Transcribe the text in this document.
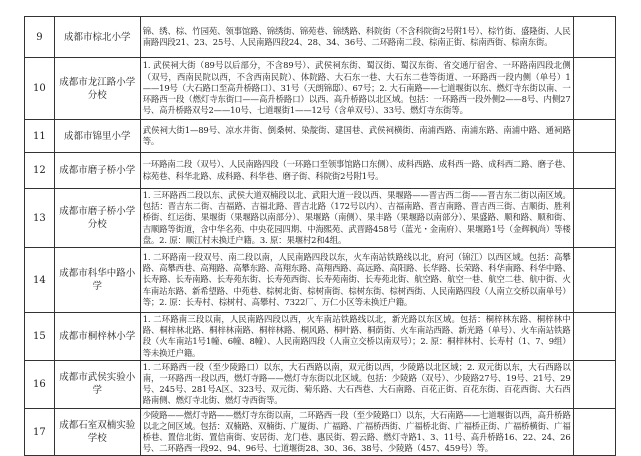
9	成都市棕北小学	锦、绣、棕、竹园苑、领事馆路、锦绣街、锦苑巷、锦绣路、科院街（不含科院街2号附1号）、棕竹街、盛隆街、人民南路四段21、23、25号、人民南路四段24、28、34、36号、二环路南二段、棕南正街、棕南西街、棕南东街。	
10	成都市龙江路小学分校	1. 武侯祠大街（89号以后部分，不含89号）、武侯祠东街、蜀汉街、蜀汉东街、省交通厅宿舍、一环路南四段北侧（双号，西南民院以西，不含西南民院）、体院路、大石东一巷、大石东二巷等街道、一环路西一段内侧（单号）1——19号（大石路口至高升桥路口）、31号（天朗锦邸）、67号；2. 大石南路——七道堰街以东、燃灯寺东街以南、一环路西一段（燃灯寺东街口——高升桥路口）以西、高升桥路以北区域。包括：一环路西一段外侧2——8号、内侧27号、高升桥路双号2——10号、七道堰街1——12号（含单双号）、33号、燃灯寺东街等。	
11	成都市锦里小学	武侯祠大街1—89号、凉水井街、倒桑树、染靛街、建国巷、武侯祠横街、南浦西路、南浦东路、南浦中路、通祠路等。	
12	成都市磨子桥小学	一环路南二段（双号）、人民南路四段（一环路口至领事馆路口东侧）、成科西路、成科西一路、成科西二路、磨子巷、棕苑巷、科华北路、成科路、科华巷、磨子街、科院街2号附1号。	
13	成都市磨子桥小学分校	1. 三环路西二段以东、武侯大道双楠段以北、武阳大道一段以西、果堰路——晋吉西二街——晋吉东二街以南区域。包括：晋吉东二街、吉福路、吉福北路、晋吉北路（172号以内）、吉福南路、晋吉南路、晋吉西三街、吉顺街、胜利桥街、红运街、果堰街（果堰路以南部分）、果堰路（南侧）、果丰路（果堰路以南部分）、果盛路、顺和路、顺和街、吉顺路等街道，含中华名苑、中央花园四期、中海熙苑、武晋路458号（蓝光・金南府）、果堰路1号（金辉枫尚）等楼盘。2. 原：顺江村未换迁户籍。3. 原：果堰村2和4组。	
14	成都市科华中路小学	1. 二环路南一段双号、南二段以南，人民南路四段以东，火车南站铁路线以北，府河（锦江）以西区域。包括：高攀路、高攀西巷、高翔路、高攀东路、高翔东路、高翔西路、高远路、高阳路、长华路、长荣路、科华南路、科华中路、长寿路、长寿南路、长寿苑东街、长寿苑西街、长寿苑南街、长寿苑北街、航空路、航空一巷、航空二巷、航中街、火车南站东路、新希望路、中苑巷、棕树北街、棕树南街、棕树东街、棕树西街、人民南路四段（人南立交桥以南单号）等；2. 原：长寿村、棕树村、高攀村、7322厂、万仁小区等未换迁户籍。	
15	成都市桐梓林小学	1. 二环路南三段以南，人民南路四段以西，火车南站铁路线以北，新光路以东区域。包括：桐梓林东路、桐梓林中路、桐梓林北路、桐梓林南路、桐梓林路、桐风路、桐叶路、桐荫街、火车南站西路、新光路（单号）、火车南站铁路段（火车南站1号1幢、6幢、8幢）、人民南路四段（人南立交桥以南双号）；2. 原：桐梓林村、长寿村（1、7、9组）等未换迁户籍。	
16	成都市武侯实验小学	1. 二环路西一段（至少陵路口）以东，大石西路以南，双元街以西，少陵路以北区域；2. 双元街以东，大石西路以南，一环路西一段以西，燃灯寺路——燃灯寺东街以北区域。包括：少陵路（双号）、少陵路27号、19号、21号、29号、245号、281号A区、323号、双元街、菊乐路、大石西巷、大石南路、百花正街、百花东街、百花西街、大石西路南侧、燃灯寺北街、燃灯寺西街等。	
17	成都石室双楠实验学校	少陵路——燃灯寺路——燃灯寺东街以南，二环路西一段（至少陵路口）以东，大石南路——七道堰街以西，高升桥路以北之间区域。包括：双楠路、双楠街、广厦街、广福路、广福桥西街、广福桥北街、广福桥正街、广福桥横街、广福桥巷、置信北街、置信南街、安居街、龙门巷、惠民街、碧云路、燃灯寺路1、3、11号、高升桥路16、22、24、26号、二环路西一段92、94、96号、七道堰街28、30、36、38号、少陵路（457、459号）等。	
